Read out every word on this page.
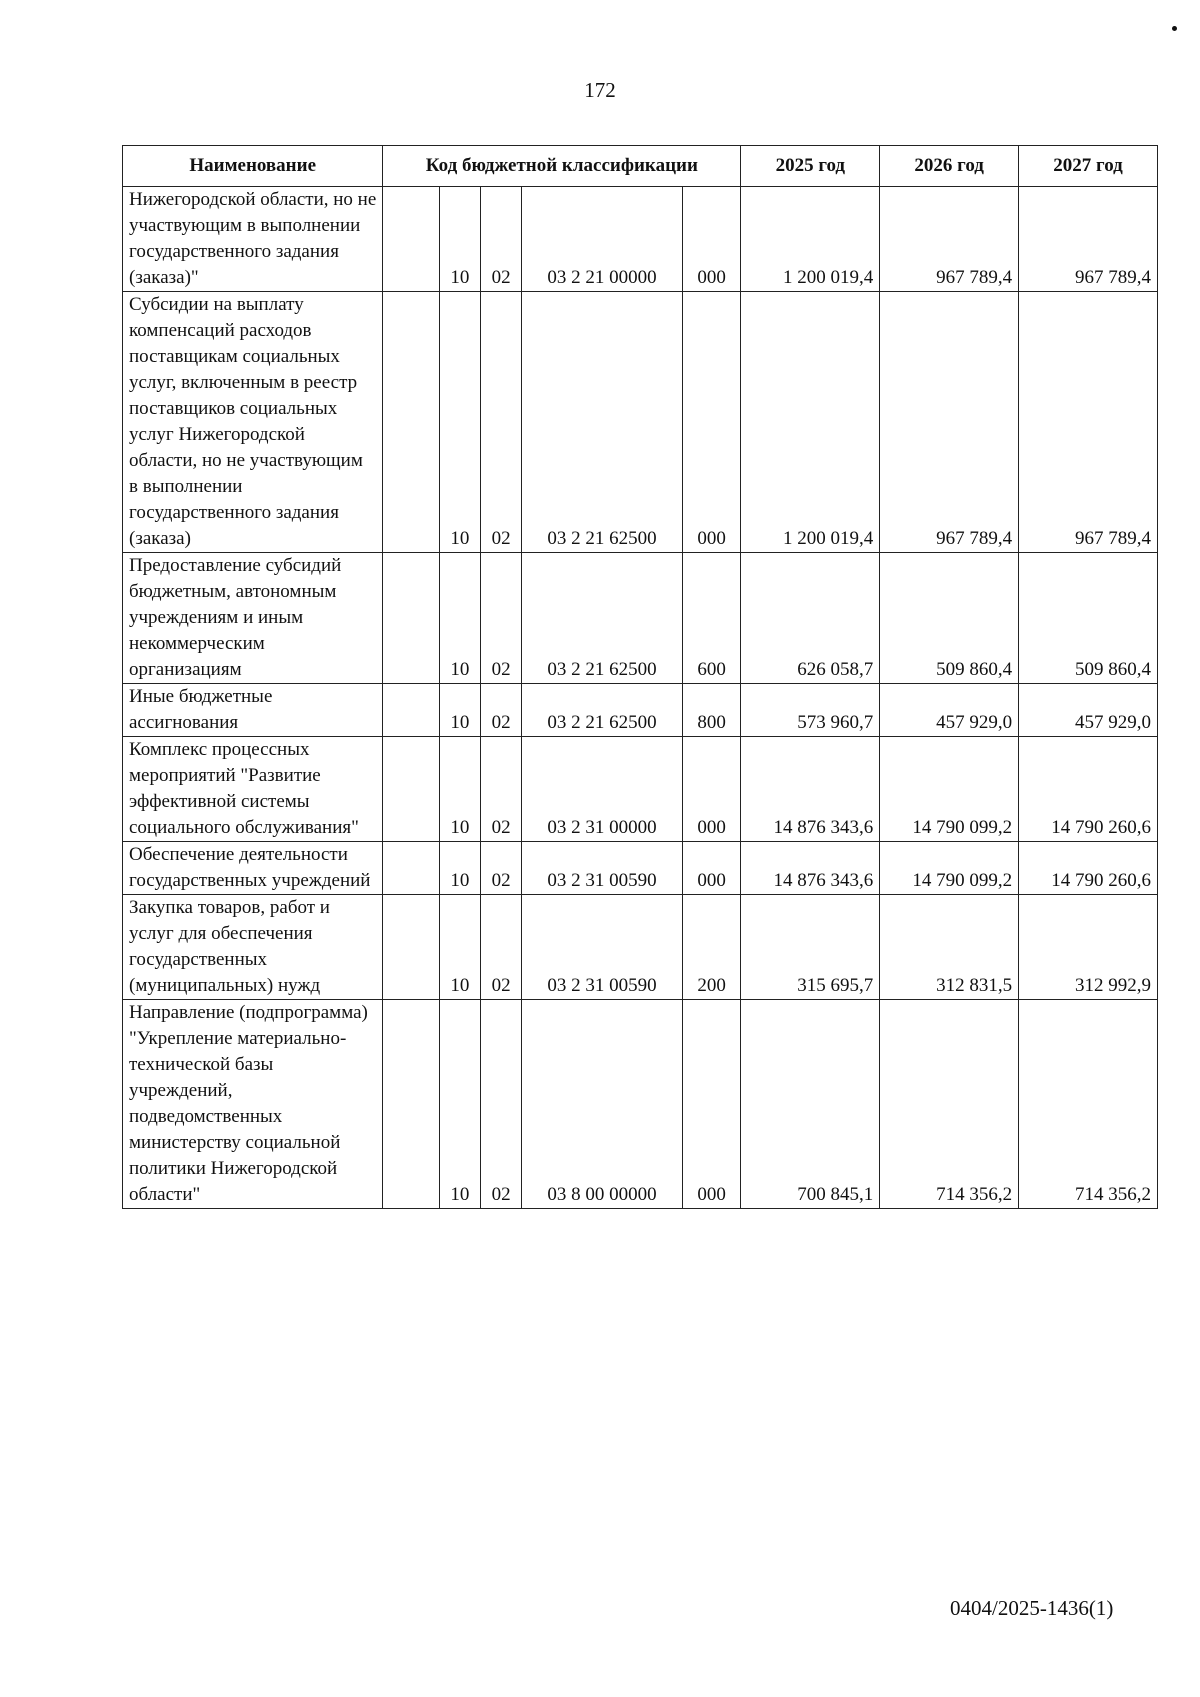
172
Наименование	Код бюджетной классификации					2025 год	2026 год	2027 год
Нижегородской области, но не участвующим в выполнении государственного задания (заказа)"		10	02	03 2 21 00000	000	1 200 019,4	967 789,4	967 789,4
Субсидии на выплату компенсаций расходов поставщикам социальных услуг, включенным в реестр поставщиков социальных услуг Нижегородской области, но не участвующим в выполнении государственного задания (заказа)		10	02	03 2 21 62500	000	1 200 019,4	967 789,4	967 789,4
Предоставление субсидий бюджетным, автономным учреждениям и иным некоммерческим организациям		10	02	03 2 21 62500	600	626 058,7	509 860,4	509 860,4
Иные бюджетные ассигнования		10	02	03 2 21 62500	800	573 960,7	457 929,0	457 929,0
Комплекс процессных мероприятий "Развитие эффективной системы социального обслуживания"		10	02	03 2 31 00000	000	14 876 343,6	14 790 099,2	14 790 260,6
Обеспечение деятельности государственных учреждений		10	02	03 2 31 00590	000	14 876 343,6	14 790 099,2	14 790 260,6
Закупка товаров, работ и услуг для обеспечения государственных (муниципальных) нужд		10	02	03 2 31 00590	200	315 695,7	312 831,5	312 992,9
Направление (подпрограмма) "Укрепление материально-технической базы учреждений, подведомственных министерству социальной политики Нижегородской области"		10	02	03 8 00 00000	000	700 845,1	714 356,2	714 356,2
0404/2025-1436(1)
